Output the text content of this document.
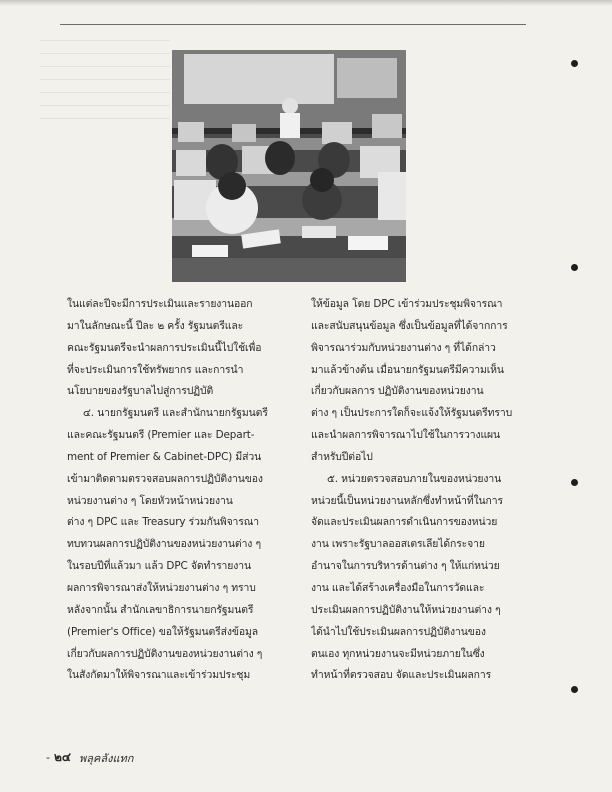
ในแต่ละปีจะมีการประเมินและรายงานออก
มาในลักษณะนี้ ปีละ ๒ ครั้ง รัฐมนตรีและ
คณะรัฐมนตรีจะนำผลการประเมินนี้ไปใช้เพื่อ
ที่จะประเมินการใช้ทรัพยากร และการนำ
นโยบายของรัฐบาลไปสู่การปฏิบัติ
๔. นายกรัฐมนตรี และสำนักนายกรัฐมนตรี
และคณะรัฐมนตรี (Premier และ Depart-
ment of Premier & Cabinet-DPC) มีส่วน
เข้ามาติดตามตรวจสอบผลการปฏิบัติงานของ
หน่วยงานต่าง ๆ โดยหัวหน้าหน่วยงาน
ต่าง ๆ DPC และ Treasury ร่วมกันพิจารณา
ทบทวนผลการปฏิบัติงานของหน่วยงานต่าง ๆ
ในรอบปีที่แล้วมา แล้ว DPC จัดทำรายงาน
ผลการพิจารณาส่งให้หน่วยงานต่าง ๆ ทราบ
หลังจากนั้น สำนักเลขาธิการนายกรัฐมนตรี
(Premier's Office) ขอให้รัฐมนตรีส่งข้อมูล
เกี่ยวกับผลการปฏิบัติงานของหน่วยงานต่าง ๆ
ในสังกัดมาให้พิจารณาและเข้าร่วมประชุม
ให้ข้อมูล โดย DPC เข้าร่วมประชุมพิจารณา
และสนับสนุนข้อมูล ซึ่งเป็นข้อมูลที่ได้จากการ
พิจารณาร่วมกับหน่วยงานต่าง ๆ ที่ได้กล่าว
มาแล้วข้างต้น เมื่อนายกรัฐมนตรีมีความเห็น
เกี่ยวกับผลการ ปฏิบัติงานของหน่วยงาน
ต่าง ๆ เป็นประการใดก็จะแจ้งให้รัฐมนตรีทราบ
และนำผลการพิจารณาไปใช้ในการวางแผน
สำหรับปีต่อไป
๕. หน่วยตรวจสอบภายในของหน่วยงาน
หน่วยนี้เป็นหน่วยงานหลักซึ่งทำหน้าที่ในการ
จัดและประเมินผลการดำเนินการของหน่วย
งาน เพราะรัฐบาลออสเตรเลียได้กระจาย
อำนาจในการบริหารด้านต่าง ๆ ให้แก่หน่วย
งาน และได้สร้างเครื่องมือในการวัดและ
ประเมินผลการปฏิบัติงานให้หน่วยงานต่าง ๆ
ได้นำไปใช้ประเมินผลการปฏิบัติงานของ
ตนเอง ทุกหน่วยงานจะมีหน่วยภายในซึ่ง
ทำหน้าที่ตรวจสอบ จัดและประเมินผลการ
- ๒๔ พลุคลังแทก
